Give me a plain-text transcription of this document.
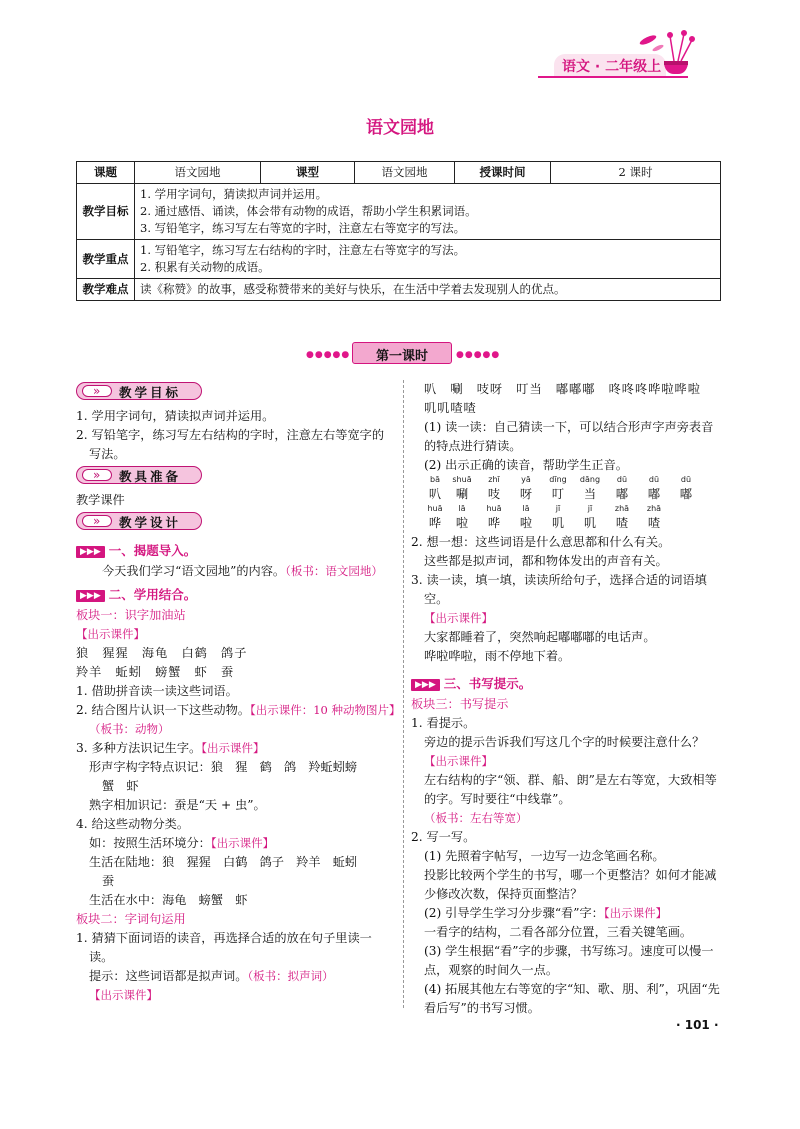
语文 · 二年级上
语文园地
课题	语文园地	课型	语文园地	授课时间	2 课时
教学目标	1. 学用字词句，猜读拟声词并运用。
2. 通过感悟、诵读，体会带有动物的成语，帮助小学生积累词语。
3. 写铅笔字，练习写左右等宽的字时，注意左右等宽字的写法。				

教学重点	1. 写铅笔字，练习写左右结构的字时，注意左右等宽字的写法。
2. 积累有关动物的成语。				

教学难点	读《称赞》的故事，感受称赞带来的美好与快乐，在生活中学着去发现别人的优点。				
●●●●●	第一课时	●●●●●
»
教学目标
1. 学用字词句，猜读拟声词并运用。
2. 写铅笔字，练习写左右结构的字时，注意左右等宽字的写法。
»
教具准备
教学课件
»
教学设计
▶▶▶ 一、揭题导入。
今天我们学习“语文园地”的内容。（板书：语文园地）
▶▶▶ 二、学用结合。
板块一：识字加油站
【出示课件】
狼　猩猩　海龟　白鹤　鸽子
羚羊　蚯蚓　螃蟹　虾　蚕
1. 借助拼音读一读这些词语。
2. 结合图片认识一下这些动物。【出示课件：10 种动物图片】（板书：动物）
3. 多种方法识记生字。【出示课件】
形声字构字特点识记：狼　猩　鹤　鸽　羚蚯蚓螃
蟹　虾
熟字相加识记：蚕是“天 + 虫”。
4. 给这些动物分类。
如：按照生活环境分：【出示课件】
生活在陆地：狼　猩猩　白鹤　鸽子　羚羊　蚯蚓
蚕
生活在水中：海龟　螃蟹　虾
板块二：字词句运用
1. 猜猜下面词语的读音，再选择合适的放在句子里读一读。
提示：这些词语都是拟声词。（板书：拟声词）
【出示课件】
叭　唰　吱呀　叮当　嘟嘟嘟　咚咚咚哗啦哗啦
叽叽喳喳
(1) 读一读：自己猜读一下，可以结合形声字声旁表音的特点进行猜读。
(2) 出示正确的读音，帮助学生正音。
bā	shuā	zhī	yā	dīng	dāng	dū	dū	dū
叭	唰	吱	呀	叮	当	嘟	嘟	嘟
huā	lā	huā	lā	jī	jī	zhā	zhā
哗	啦	哗	啦	叽	叽	喳	喳
2. 想一想：这些词语是什么意思都和什么有关。
这些都是拟声词，都和物体发出的声音有关。
3. 读一读，填一填，读读所给句子，选择合适的词语填空。
【出示课件】
大家都睡着了，突然响起嘟嘟嘟的电话声。
哗啦哗啦，雨不停地下着。
▶▶▶ 三、书写提示。
板块三：书写提示
1. 看提示。
旁边的提示告诉我们写这几个字的时候要注意什么？【出示课件】
左右结构的字“领、群、船、朗”是左右等宽，大致相等的字。写时要往“中线靠”。
（板书：左右等宽）
2. 写一写。
(1) 先照着字帖写，一边写一边念笔画名称。
投影比较两个学生的书写，哪一个更整洁？如何才能减少修改次数，保持页面整洁？
(2) 引导学生学习分步骤“看”字：【出示课件】
一看字的结构，二看各部分位置，三看关键笔画。
(3) 学生根据“看”字的步骤，书写练习。速度可以慢一点，观察的时间久一点。
(4) 拓展其他左右等宽的字“知、歌、朋、利”，巩固“先看后写”的书写习惯。
· 101 ·
